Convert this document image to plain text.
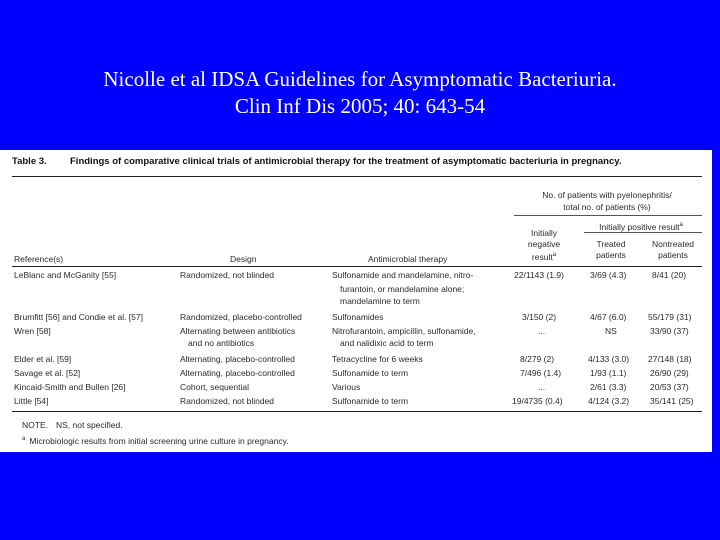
Nicolle et al IDSA Guidelines for Asymptomatic Bacteriuria.
Clin Inf Dis 2005; 40: 643-54
Table 3. Findings of comparative clinical trials of antimicrobial therapy for the treatment of asymptomatic bacteriuria in pregnancy.
No. of patients with pyelonephritis/
total no. of patients (%)
Initially positive result$^a$
Initially
negative
result$^a$
Treated
patients
Nontreated
patients
Reference(s)	Design	Antimicrobial therapy
LeBlanc and McGanity [55]	Randomized, not blinded	Sulfonamide and mandelamine, nitro-	22/1143 (1.9)	3/69 (4.3)	8/41 (20)
furantoin, or mandelamine alone;
mandelamine to term
Brumfitt [56] and Condie et al. [57]	Randomized, placebo-controlled	Sulfonamides	3/150 (2)	4/67 (6.0)	55/179 (31)
Wren [58]	Alternating between antibiotics	Nitrofurantoin, ampicillin, sulfonamide,	...	NS	33/90 (37)
and no antibiotics	and nalidixic acid to term
Elder et al. [59]	Alternating, placebo-controlled	Tetracycline for 6 weeks	8/279 (2)	4/133 (3.0) 27/148 (18)
Savage et al. [52]	Alternating, placebo-controlled	Sulfonamide to term	7/496 (1.4)	1/93 (1.1)	26/90 (29)
Kincaid-Smith and Bullen [26]	Cohort, sequential	Various	...	2/61 (3.3)	20/53 (37)
Little [54]	Randomized, not blinded	Sulfonamide to term	19/4735 (0.4)	4/124 (3.2) 35/141 (25)
NOTE. NS, not specified.
$^a$ Microbiologic results from initial screening urine culture in pregnancy.
